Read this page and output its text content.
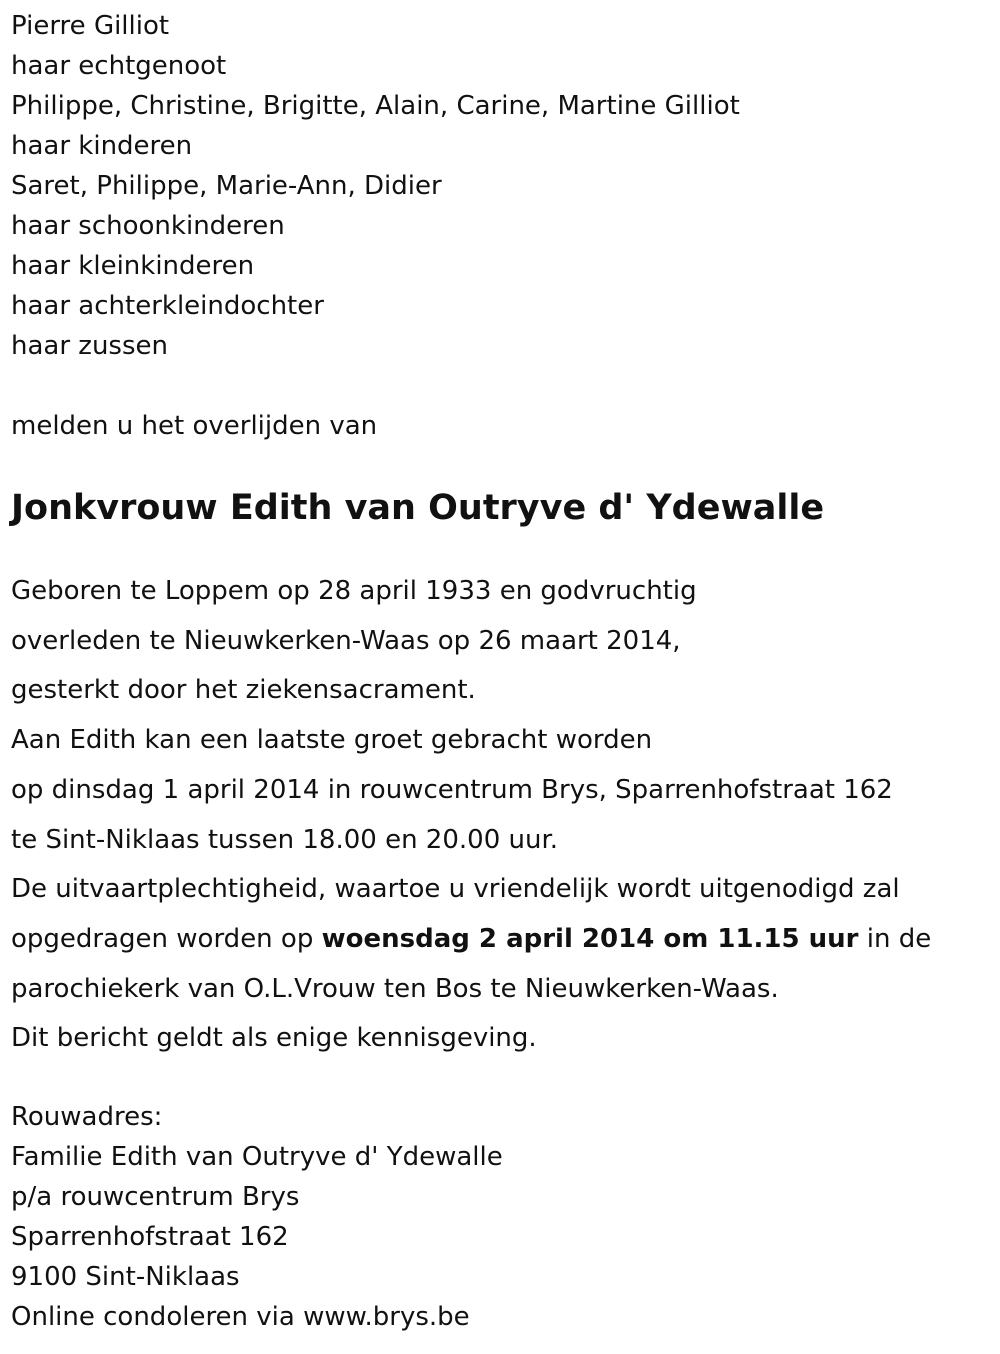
Pierre Gilliot
haar echtgenoot
Philippe, Christine, Brigitte, Alain, Carine, Martine Gilliot
haar kinderen
Saret, Philippe, Marie-Ann, Didier
haar schoonkinderen
haar kleinkinderen
haar achterkleindochter
haar zussen
melden u het overlijden van
Jonkvrouw Edith van Outryve d' Ydewalle
Geboren te Loppem op 28 april 1933 en godvruchtig
overleden te Nieuwkerken-Waas op 26 maart 2014,
gesterkt door het ziekensacrament.
Aan Edith kan een laatste groet gebracht worden
op dinsdag 1 april 2014 in rouwcentrum Brys, Sparrenhofstraat 162
te Sint-Niklaas tussen 18.00 en 20.00 uur.
De uitvaartplechtigheid, waartoe u vriendelijk wordt uitgenodigd zal
opgedragen worden op woensdag 2 april 2014 om 11.15 uur in de
parochiekerk van O.L.Vrouw ten Bos te Nieuwkerken-Waas.
Dit bericht geldt als enige kennisgeving.
Rouwadres:
Familie Edith van Outryve d' Ydewalle
p/a rouwcentrum Brys
Sparrenhofstraat 162
9100 Sint-Niklaas
Online condoleren via www.brys.be
